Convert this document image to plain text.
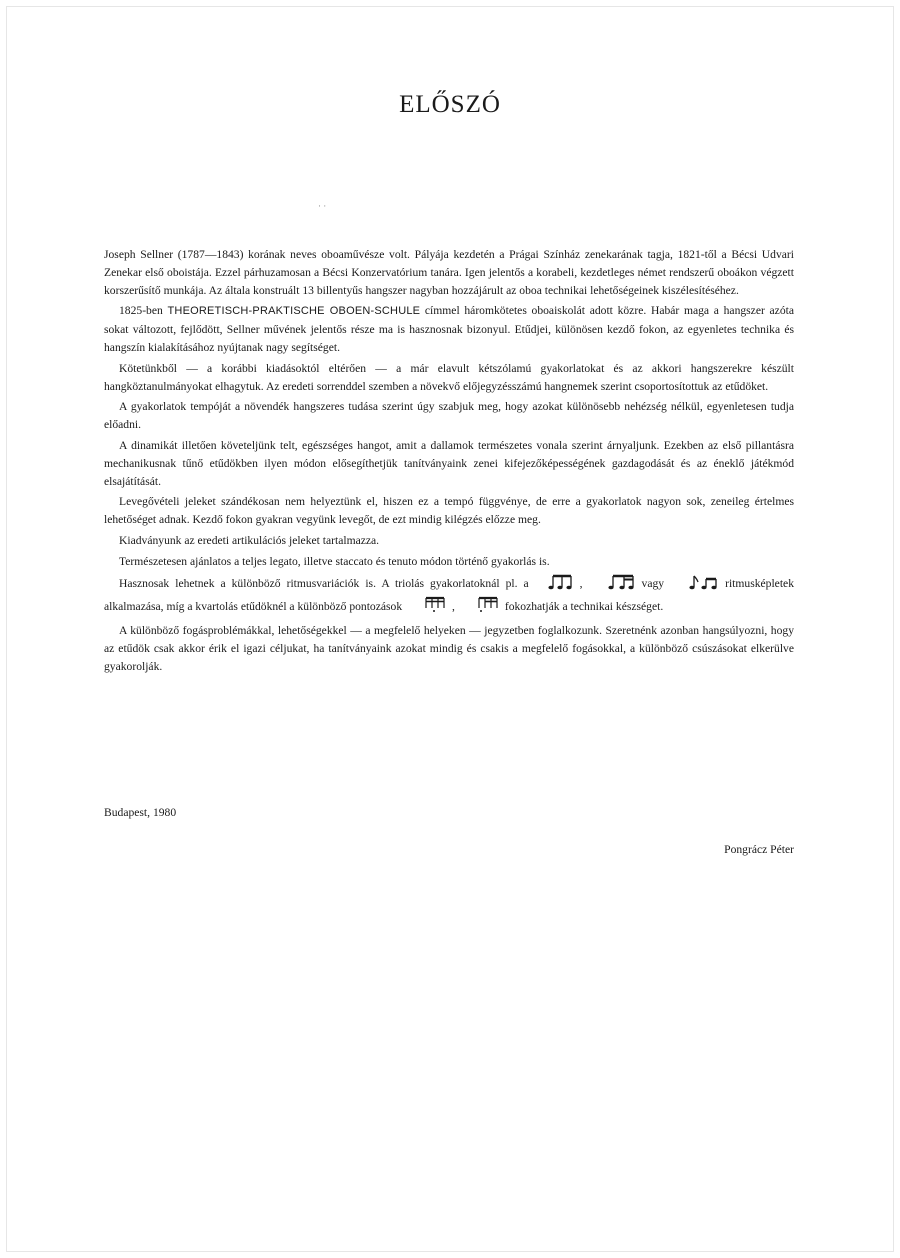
ELŐSZÓ
· ·

Joseph Sellner (1787—1843) korának neves oboaművésze volt. Pályája kezdetén a Prágai Színház zenekarának tagja, 1821-től a Bécsi Udvari Zenekar első oboistája. Ezzel párhuzamosan a Bécsi Konzervatórium tanára. Igen jelentős a korabeli, kezdetleges német rendszerű oboákon végzett korszerűsítő munkája. Az általa konstruált 13 billentyűs hangszer nagyban hozzájárult az oboa technikai lehetőségeinek kiszélesítéséhez.

1825-ben THEORETISCH-PRAKTISCHE OBOEN-SCHULE címmel háromkötetes oboaiskolát adott közre. Habár maga a hangszer azóta sokat változott, fejlődött, Sellner művének jelentős része ma is hasznosnak bizonyul. Etűdjei, különösen kezdő fokon, az egyenletes technika és hangszín kialakításához nyújtanak nagy segítséget.

Kötetünkből — a korábbi kiadásoktól eltérően — a már elavult kétszólamú gyakorlatokat és az akkori hangszerekre készült hangköztanulmányokat elhagytuk. Az eredeti sorrenddel szemben a növekvő előjegyzésszámú hangnemek szerint csoportosítottuk az etűdöket.

A gyakorlatok tempóját a növendék hangszeres tudása szerint úgy szabjuk meg, hogy azokat különösebb nehézség nélkül, egyenletesen tudja előadni.

A dinamikát illetően követeljünk telt, egészséges hangot, amit a dallamok természetes vonala szerint árnyaljunk. Ezekben az első pillantásra mechanikusnak tűnő etűdökben ilyen módon elősegíthetjük tanítványaink zenei kifejezőképességének gazdagodását és az éneklő játékmód elsajátítását.

Levegővételi jeleket szándékosan nem helyeztünk el, hiszen ez a tempó függvénye, de erre a gyakorlatok nagyon sok, zeneileg értelmes lehetőséget adnak. Kezdő fokon gyakran vegyünk levegőt, de ezt mindig kilégzés előzze meg.

Kiadványunk az eredeti artikulációs jeleket tartalmazza.

Természetesen ajánlatos a teljes legato, illetve staccato és tenuto módon történő gyakorlás is.

Hasznosak lehetnek a különböző ritmusvariációk is. A triolás gyakorlatoknál pl. a	,	vagy	ritmusképletek alkalmazása, míg a kvartolás etűdöknél a különböző pontozások	,	fokozhatják a technikai készséget.

A különböző fogásproblémákkal, lehetőségekkel — a megfelelő helyeken — jegyzetben foglalkozunk. Szeretnénk azonban hangsúlyozni, hogy az etűdök csak akkor érik el igazi céljukat, ha tanítványaink azokat mindig és csakis a megfelelő fogásokkal, a különböző csúszásokat elkerülve gyakorolják.

Budapest, 1980
Pongrácz Péter
